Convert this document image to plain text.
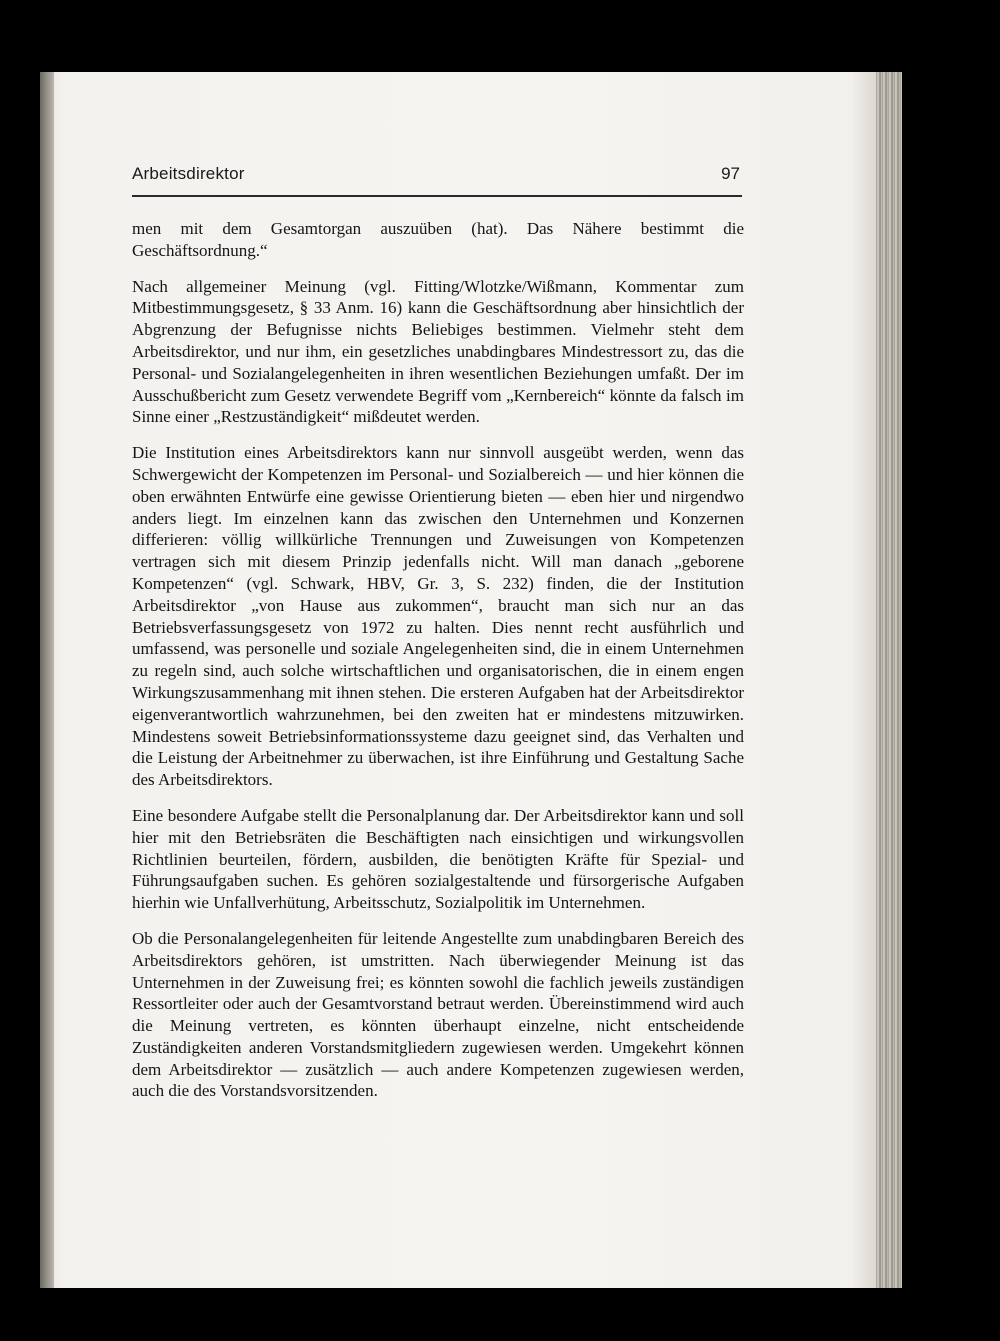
Arbeitsdirektor	97

men mit dem Gesamtorgan auszuüben (hat). Das Nähere bestimmt die Geschäftsordnung.“

Nach allgemeiner Meinung (vgl. Fitting/Wlotzke/Wißmann, Kommentar zum Mitbestimmungsgesetz, § 33 Anm. 16) kann die Geschäftsordnung aber hinsichtlich der Abgrenzung der Befugnisse nichts Beliebiges bestimmen. Vielmehr steht dem Arbeitsdirektor, und nur ihm, ein gesetzliches unabdingbares Mindestressort zu, das die Personal- und Sozialangelegenheiten in ihren wesentlichen Beziehungen umfaßt. Der im Ausschußbericht zum Gesetz verwendete Begriff vom „Kernbereich“ könnte da falsch im Sinne einer „Restzuständigkeit“ mißdeutet werden.

Die Institution eines Arbeitsdirektors kann nur sinnvoll ausgeübt werden, wenn das Schwergewicht der Kompetenzen im Personal- und Sozialbereich — und hier können die oben erwähnten Entwürfe eine gewisse Orientierung bieten — eben hier und nirgendwo anders liegt. Im einzelnen kann das zwischen den Unternehmen und Konzernen differieren: völlig willkürliche Trennungen und Zuweisungen von Kompetenzen vertragen sich mit diesem Prinzip jedenfalls nicht. Will man danach „geborene Kompetenzen“ (vgl. Schwark, HBV, Gr. 3, S. 232) finden, die der Institution Arbeitsdirektor „von Hause aus zukommen“, braucht man sich nur an das Betriebsverfassungsgesetz von 1972 zu halten. Dies nennt recht ausführlich und umfassend, was personelle und soziale Angelegenheiten sind, die in einem Unternehmen zu regeln sind, auch solche wirtschaftlichen und organisatorischen, die in einem engen Wirkungszusammenhang mit ihnen stehen. Die ersteren Aufgaben hat der Arbeitsdirektor eigenverantwortlich wahrzunehmen, bei den zweiten hat er mindestens mitzuwirken. Mindestens soweit Betriebsinformationssysteme dazu geeignet sind, das Verhalten und die Leistung der Arbeitnehmer zu überwachen, ist ihre Einführung und Gestaltung Sache des Arbeitsdirektors.

Eine besondere Aufgabe stellt die Personalplanung dar. Der Arbeitsdirektor kann und soll hier mit den Betriebsräten die Beschäftigten nach einsichtigen und wirkungsvollen Richtlinien beurteilen, fördern, ausbilden, die benötigten Kräfte für Spezial- und Führungsaufgaben suchen. Es gehören sozialgestaltende und fürsorgerische Aufgaben hierhin wie Unfallverhütung, Arbeitsschutz, Sozialpolitik im Unternehmen.

Ob die Personalangelegenheiten für leitende Angestellte zum unabdingbaren Bereich des Arbeitsdirektors gehören, ist umstritten. Nach überwiegender Meinung ist das Unternehmen in der Zuweisung frei; es könnten sowohl die fachlich jeweils zuständigen Ressortleiter oder auch der Gesamtvorstand betraut werden. Übereinstimmend wird auch die Meinung vertreten, es könnten überhaupt einzelne, nicht entscheidende Zuständigkeiten anderen Vorstandsmitgliedern zugewiesen werden. Umgekehrt können dem Arbeitsdirektor — zusätzlich — auch andere Kompetenzen zugewiesen werden, auch die des Vorstandsvorsitzenden.
